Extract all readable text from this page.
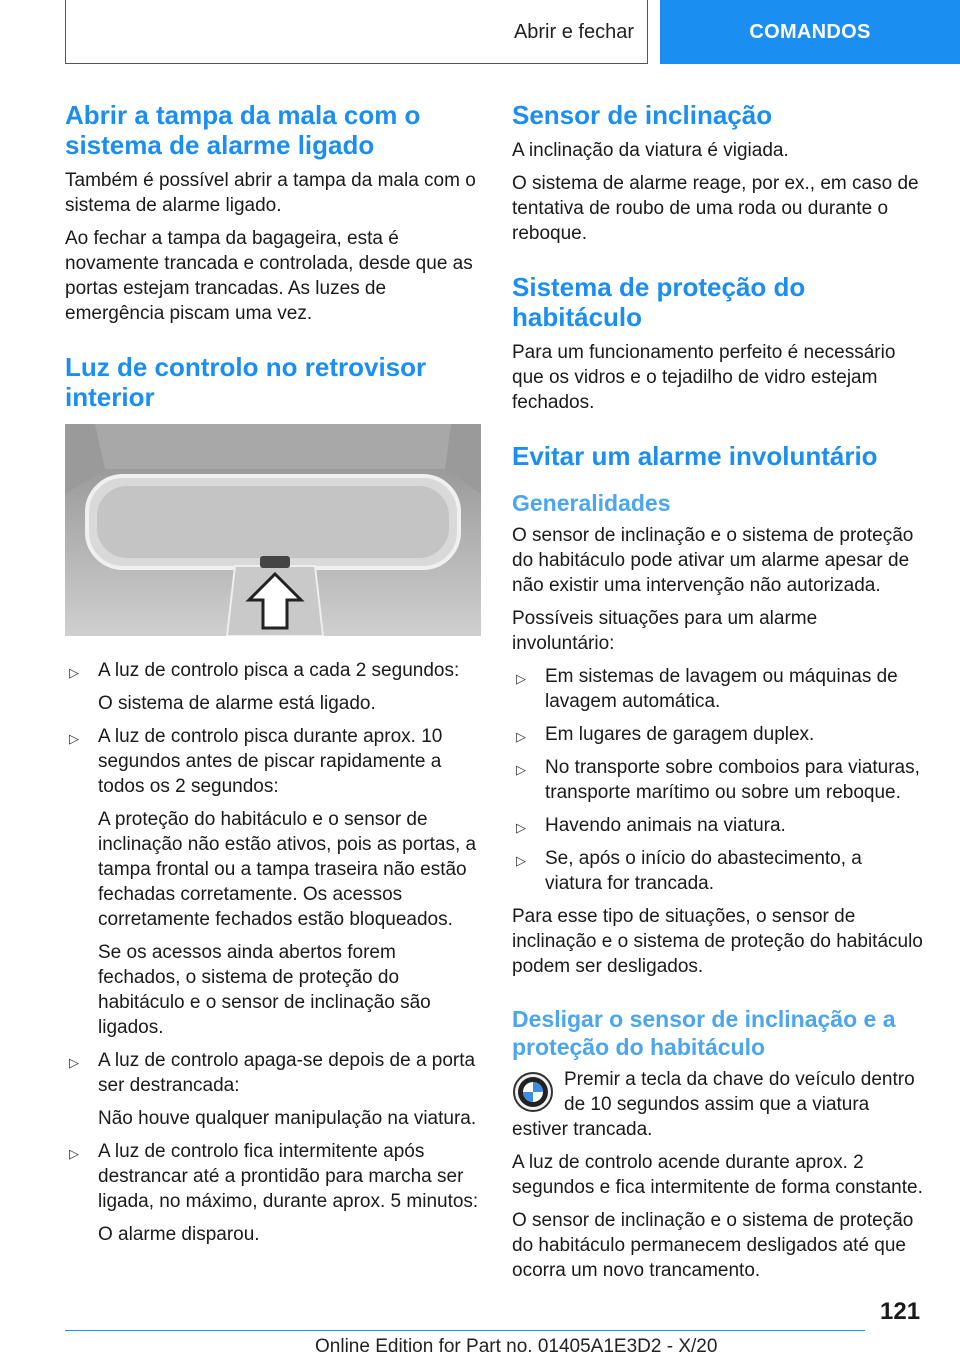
Abrir e fechar	COMANDOS
Abrir a tampa da mala com o sistema de alarme ligado

Também é possível abrir a tampa da mala com o sistema de alarme ligado.

Ao fechar a tampa da bagageira, esta é novamente trancada e controlada, desde que as portas estejam trancadas. As luzes de emergência piscam uma vez.

Luz de controlo no retrovisor interior
▷ A luz de controlo pisca a cada 2 segundos:

O sistema de alarme está ligado.

▷ A luz de controlo pisca durante aprox. 10 segundos antes de piscar rapidamente a todos os 2 segundos:

A proteção do habitáculo e o sensor de inclinação não estão ativos, pois as portas, a tampa frontal ou a tampa traseira não estão fechadas corretamente. Os acessos corretamente fechados estão bloqueados.

Se os acessos ainda abertos forem fechados, o sistema de proteção do habitáculo e o sensor de inclinação são ligados.

▷ A luz de controlo apaga-se depois de a porta ser destrancada:

Não houve qualquer manipulação na viatura.

▷ A luz de controlo fica intermitente após destrancar até a prontidão para marcha ser ligada, no máximo, durante aprox. 5 minutos:

O alarme disparou.

Sensor de inclinação

A inclinação da viatura é vigiada.

O sistema de alarme reage, por ex., em caso de tentativa de roubo de uma roda ou durante o reboque.

Sistema de proteção do habitáculo

Para um funcionamento perfeito é necessário que os vidros e o tejadilho de vidro estejam fechados.

Evitar um alarme involuntário
Generalidades

O sensor de inclinação e o sistema de proteção do habitáculo pode ativar um alarme apesar de não existir uma intervenção não autorizada.

Possíveis situações para um alarme involuntário:

▷ Em sistemas de lavagem ou máquinas de lavagem automática.
▷ Em lugares de garagem duplex.
▷ No transporte sobre comboios para viaturas, transporte marítimo ou sobre um reboque.
▷ Havendo animais na viatura.
▷ Se, após o início do abastecimento, a viatura for trancada.

Para esse tipo de situações, o sensor de inclinação e o sistema de proteção do habitáculo podem ser desligados.

Desligar o sensor de inclinação e a proteção do habitáculo
Premir a tecla da chave do veículo dentro de 10 segundos assim que a viatura estiver trancada.

A luz de controlo acende durante aprox. 2 segundos e fica intermitente de forma constante.

O sensor de inclinação e o sistema de proteção do habitáculo permanecem desligados até que ocorra um novo trancamento.

121
Online Edition for Part no. 01405A1E3D2 - X/20
